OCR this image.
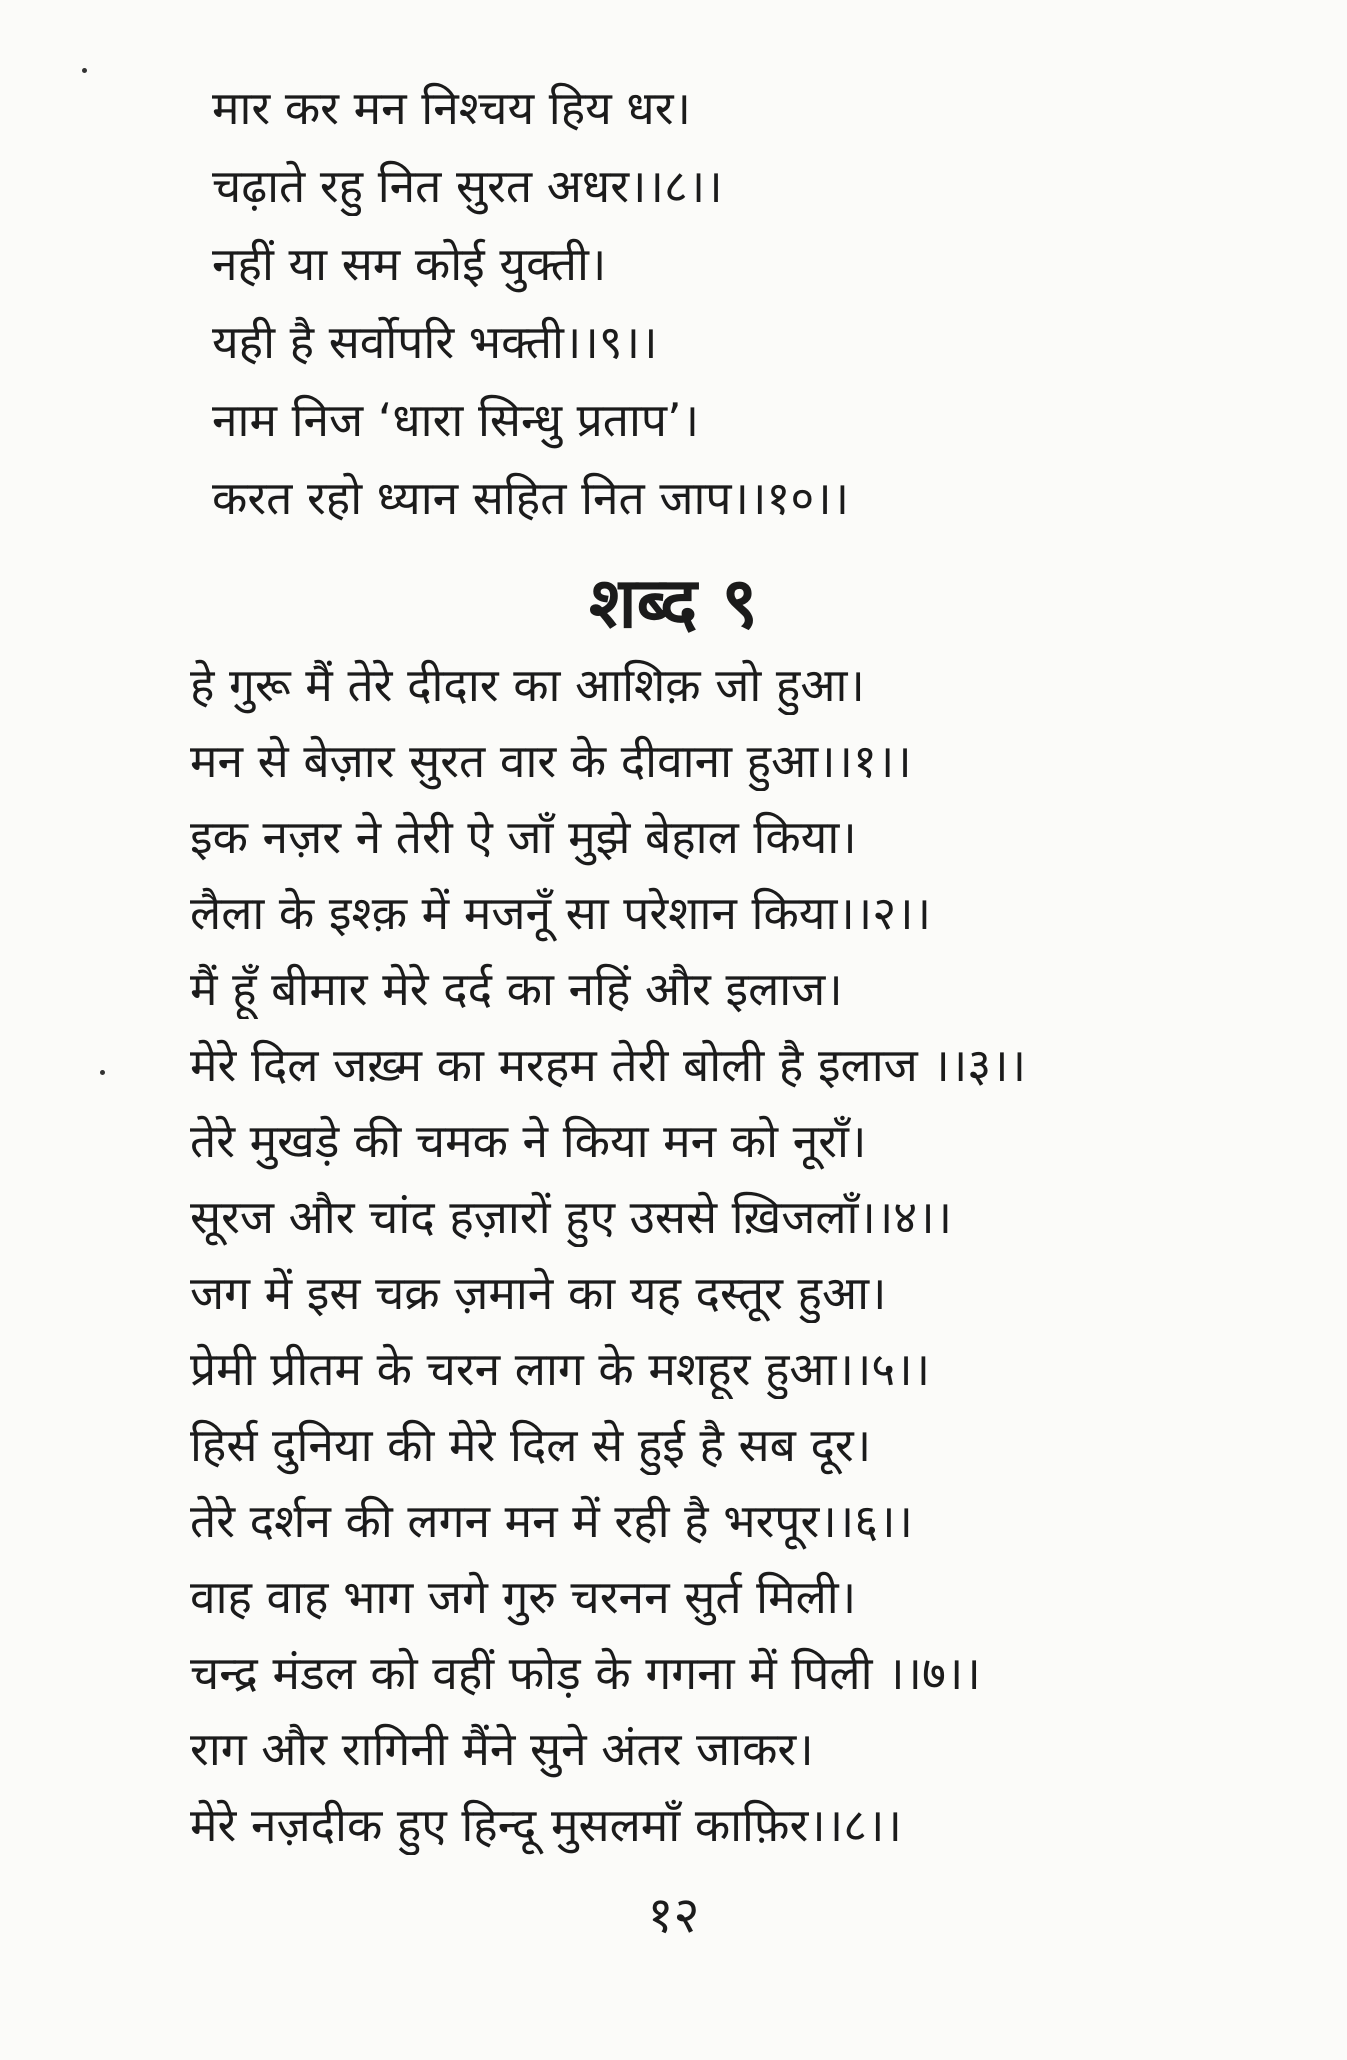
मार कर मन निश्चय हिय धर।
चढ़ाते रहु नित सुरत अधर।।८।।
नहीं या सम कोई युक्ती।
यही है सर्वोपरि भक्ती।।९।।
नाम निज ‘धारा सिन्धु प्रताप’।
करत रहो ध्यान सहित नित जाप।।१०।।
शब्द ९
हे गुरू मैं तेरे दीदार का आशिक़ जो हुआ।
मन से बेज़ार सुरत वार के दीवाना हुआ।।१।।
इक नज़र ने तेरी ऐ जाँ मुझे बेहाल किया।
लैला के इश्क़ में मजनूँ सा परेशान किया।।२।।
मैं हूँ बीमार मेरे दर्द का नहिं और इलाज।
मेरे दिल जख़्म का मरहम तेरी बोली है इलाज ।।३।।
तेरे मुखड़े की चमक ने किया मन को नूराँ।
सूरज और चांद हज़ारों हुए उससे ख़िजलाँ।।४।।
जग में इस चक्र ज़माने का यह दस्तूर हुआ।
प्रेमी प्रीतम के चरन लाग के मशहूर हुआ।।५।।
हिर्स दुनिया की मेरे दिल से हुई है सब दूर।
तेरे दर्शन की लगन मन में रही है भरपूर।।६।।
वाह वाह भाग जगे गुरु चरनन सुर्त मिली।
चन्द्र मंडल को वहीं फोड़ के गगना में पिली ।।७।।
राग और रागिनी मैंने सुने अंतर जाकर।
मेरे नज़दीक हुए हिन्दू मुसलमाँ काफ़िर।।८।।
१२
